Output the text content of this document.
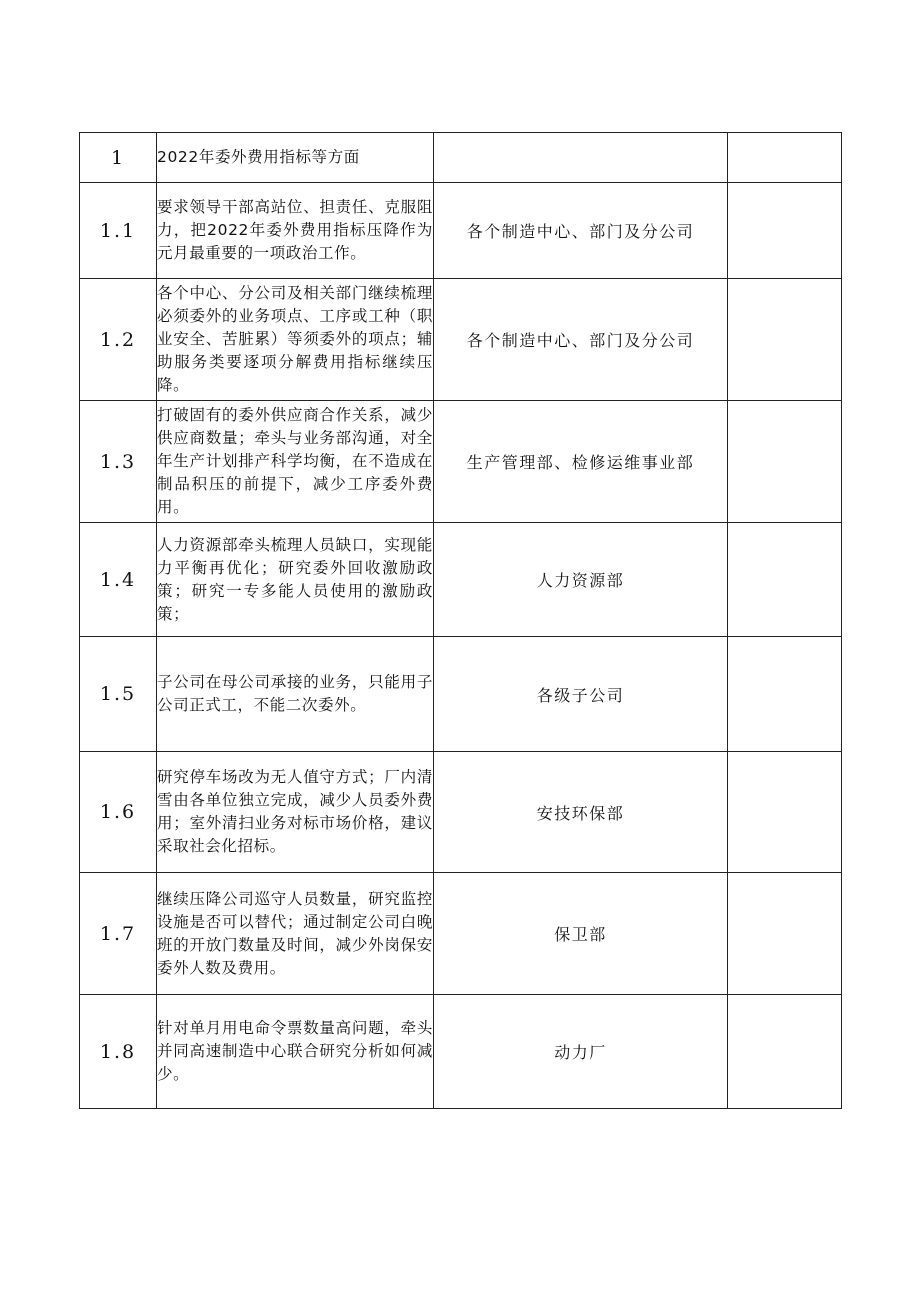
1	2022年委外费用指标等方面		
1.1	要求领导干部高站位、担责任、克服阻力，把2022年委外费用指标压降作为元月最重要的一项政治工作。	各个制造中心、部门及分公司	
1.2	各个中心、分公司及相关部门继续梳理必须委外的业务项点、工序或工种（职业安全、苦脏累）等须委外的项点；辅助服务类要逐项分解费用指标继续压降。	各个制造中心、部门及分公司	
1.3	打破固有的委外供应商合作关系，减少供应商数量；牵头与业务部沟通，对全年生产计划排产科学均衡，在不造成在制品积压的前提下，减少工序委外费用。	生产管理部、检修运维事业部	
1.4	人力资源部牵头梳理人员缺口，实现能力平衡再优化；研究委外回收激励政策；研究一专多能人员使用的激励政策；	人力资源部	
1.5	子公司在母公司承接的业务，只能用子公司正式工，不能二次委外。	各级子公司	
1.6	研究停车场改为无人值守方式；厂内清雪由各单位独立完成，减少人员委外费用；室外清扫业务对标市场价格，建议采取社会化招标。	安技环保部	
1.7	继续压降公司巡守人员数量，研究监控设施是否可以替代；通过制定公司白晚班的开放门数量及时间，减少外岗保安委外人数及费用。	保卫部	
1.8	针对单月用电命令票数量高问题，牵头并同高速制造中心联合研究分析如何减少。	动力厂	
